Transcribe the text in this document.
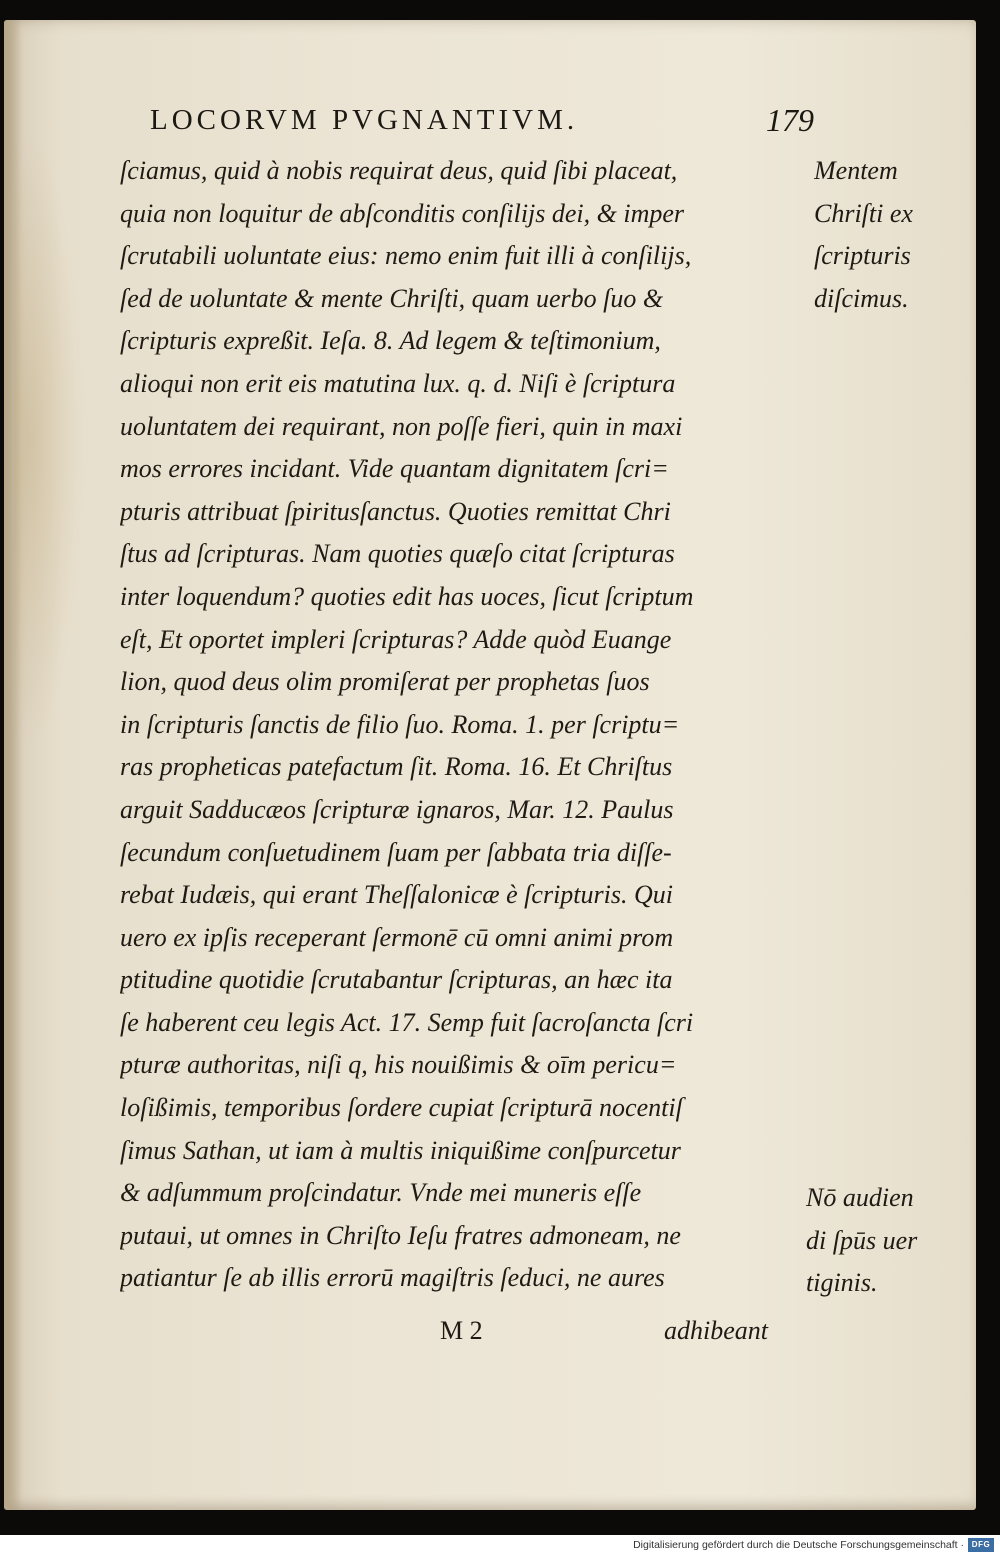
LOCORVM PVGNANTIVM.	179
ſciamus, quid à nobis requirat deus, quid ſibi placeat,
quia non loquitur de abſconditis conſilijs dei, & imper
ſcrutabili uoluntate eius: nemo enim fuit illi à conſilijs,
ſed de uoluntate & mente Chriſti, quam uerbo ſuo &
ſcripturis expreßit. Ieſa. 8. Ad legem & teſtimonium,
alioqui non erit eis matutina lux. q. d. Niſi è ſcriptura
uoluntatem dei requirant, non poſſe fieri, quin in maxi
mos errores incidant. Vide quantam dignitatem ſcri=
pturis attribuat ſpiritusſanctus. Quoties remittat Chri
ſtus ad ſcripturas. Nam quoties quæſo citat ſcripturas
inter loquendum? quoties edit has uoces, ſicut ſcriptum
eſt, Et oportet impleri ſcripturas? Adde quòd Euange
lion, quod deus olim promiſerat per prophetas ſuos
in ſcripturis ſanctis de filio ſuo. Roma. 1. per ſcriptu=
ras propheticas patefactum ſit. Roma. 16. Et Chriſtus
arguit Sadducæos ſcripturæ ignaros, Mar. 12. Paulus
ſecundum conſuetudinem ſuam per ſabbata tria diſſe-
rebat Iudæis, qui erant Theſſalonicæ è ſcripturis. Qui
uero ex ipſis receperant ſermonē cū omni animi prom
ptitudine quotidie ſcrutabantur ſcripturas, an hæc ita
ſe haberent ceu legis Act. 17. Semp fuit ſacroſancta ſcri
pturæ authoritas, niſi q, his nouißimis & oīm pericu=
loſißimis, temporibus ſordere cupiat ſcripturā nocentiſ
ſimus Sathan, ut iam à multis iniquißime conſpurcetur
& adſummum proſcindatur. Vnde mei muneris eſſe
putaui, ut omnes in Chriſto Ieſu fratres admoneam, ne
patiantur ſe ab illis errorū magiſtris ſeduci, ne aures
Mentem
Chriſti ex
ſcripturis
diſcimus.
Nō audien
di ſpūs uer
tiginis.
M 2	adhibeant
Digitalisierung gefördert durch die Deutsche Forschungsgemeinschaft · DFG
